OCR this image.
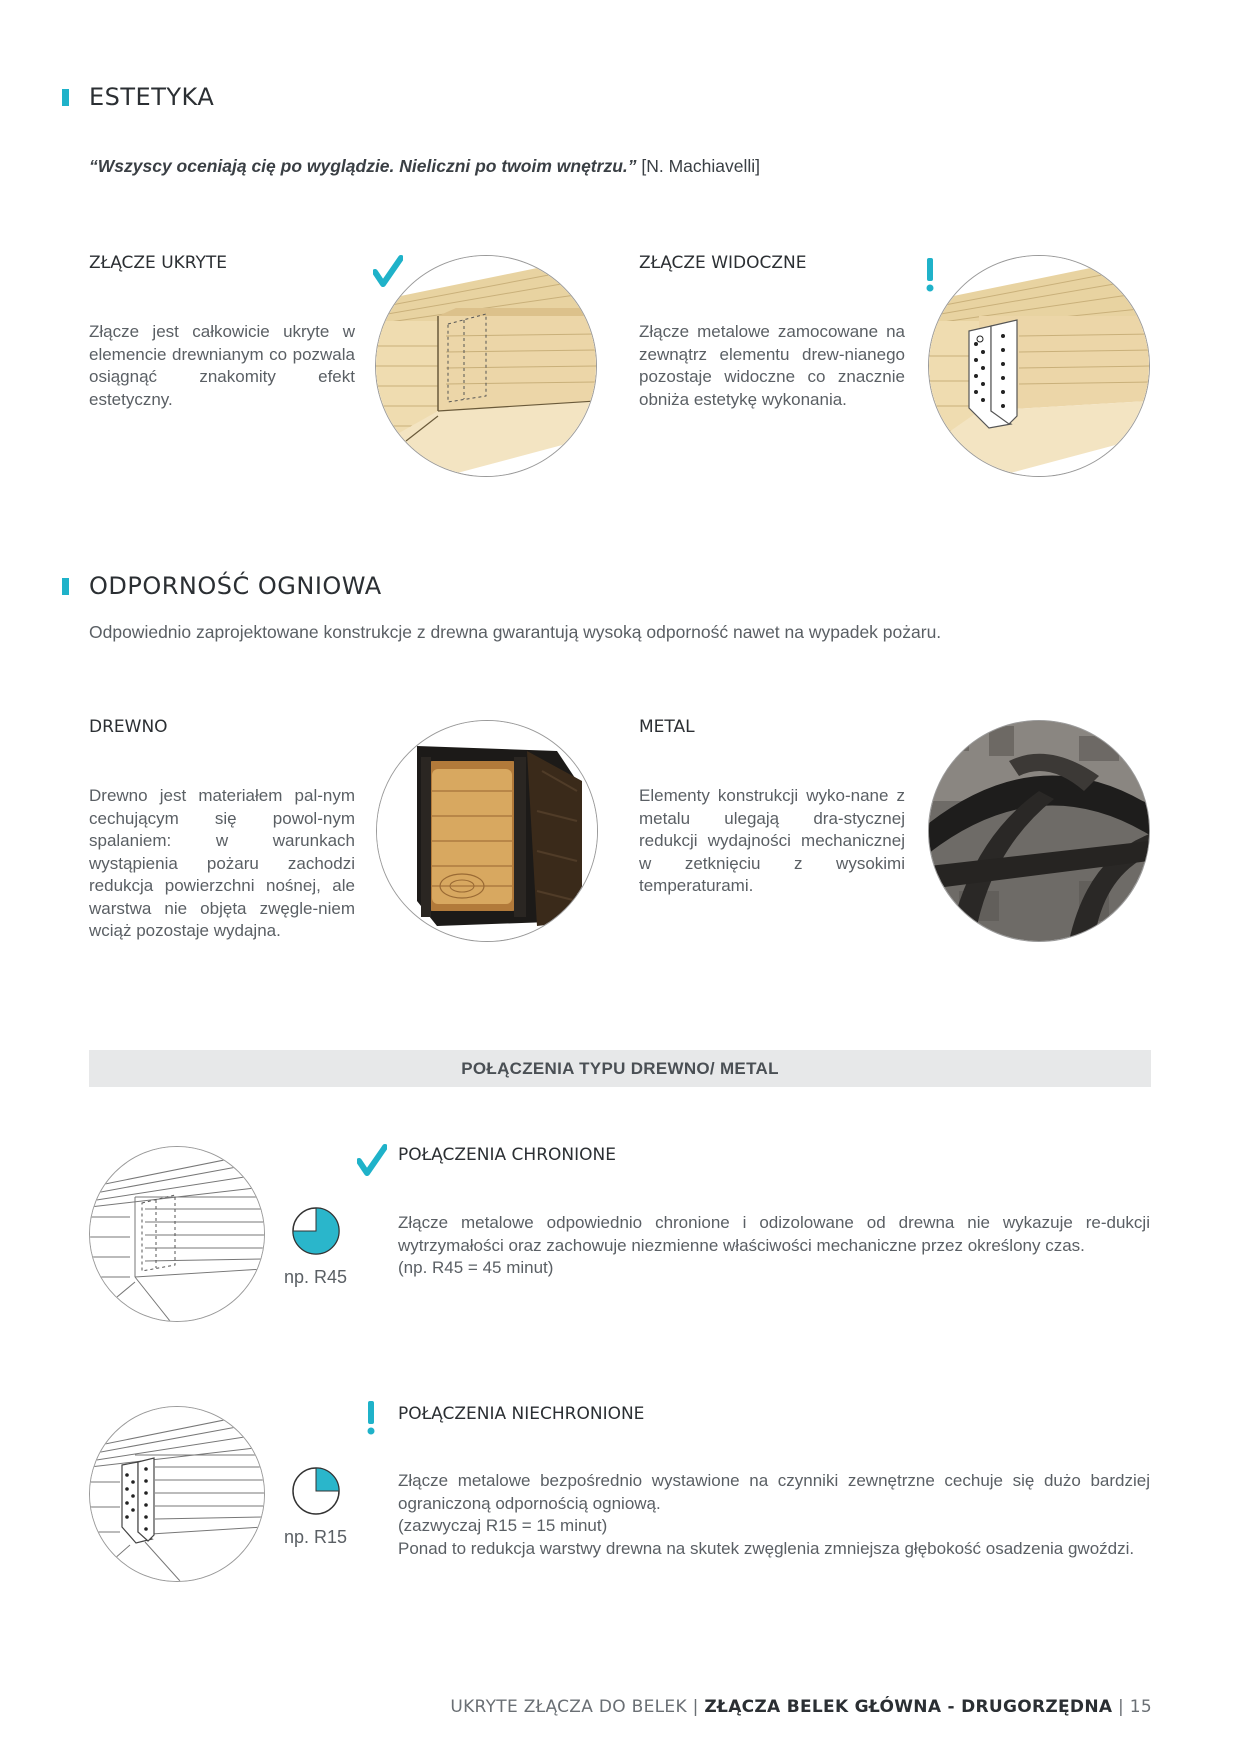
ESTETYKA
“Wszyscy oceniają cię po wyglądzie. Nieliczni po twoim wnętrzu.” [N. Machiavelli]
ZŁĄCZE UKRYTE
Złącze jest całkowicie ukryte w elemencie drewnianym co pozwala osiągnąć znakomity efekt estetyczny.
ZŁĄCZE WIDOCZNE
Złącze metalowe zamocowane na zewnątrz elementu drew-nianego pozostaje widoczne co znacznie obniża estetykę wykonania.
ODPORNOŚĆ OGNIOWA
Odpowiednio zaprojektowane konstrukcje z drewna gwarantują wysoką odporność nawet na wypadek pożaru.
DREWNO
Drewno jest materiałem pal-nym cechującym się powol-nym spalaniem: w warunkach wystąpienia pożaru zachodzi redukcja powierzchni nośnej, ale warstwa nie objęta zwęgle-niem wciąż pozostaje wydajna.
METAL
Elementy konstrukcji wyko-nane z metalu ulegają dra-stycznej redukcji wydajności mechanicznej w zetknięciu z wysokimi temperaturami.
POŁĄCZENIA TYPU DREWNO/ METAL
np. R45
POŁĄCZENIA CHRONIONE

Złącze metalowe odpowiednio chronione i odizolowane od drewna nie wykazuje re-dukcji wytrzymałości oraz zachowuje niezmienne właściwości mechaniczne przez określony czas.

(np. R45 = 45 minut)

np. R15
POŁĄCZENIA NIECHRONIONE

Złącze metalowe bezpośrednio wystawione na czynniki zewnętrzne cechuje się dużo bardziej ograniczoną odpornością ogniową.

(zazwyczaj R15 = 15 minut)

Ponad to redukcja warstwy drewna na skutek zwęglenia zmniejsza głębokość osadzenia gwoździ.

UKRYTE ZŁĄCZA DO BELEK | ZŁĄCZA BELEK GŁÓWNA - DRUGORZĘDNA | 15
